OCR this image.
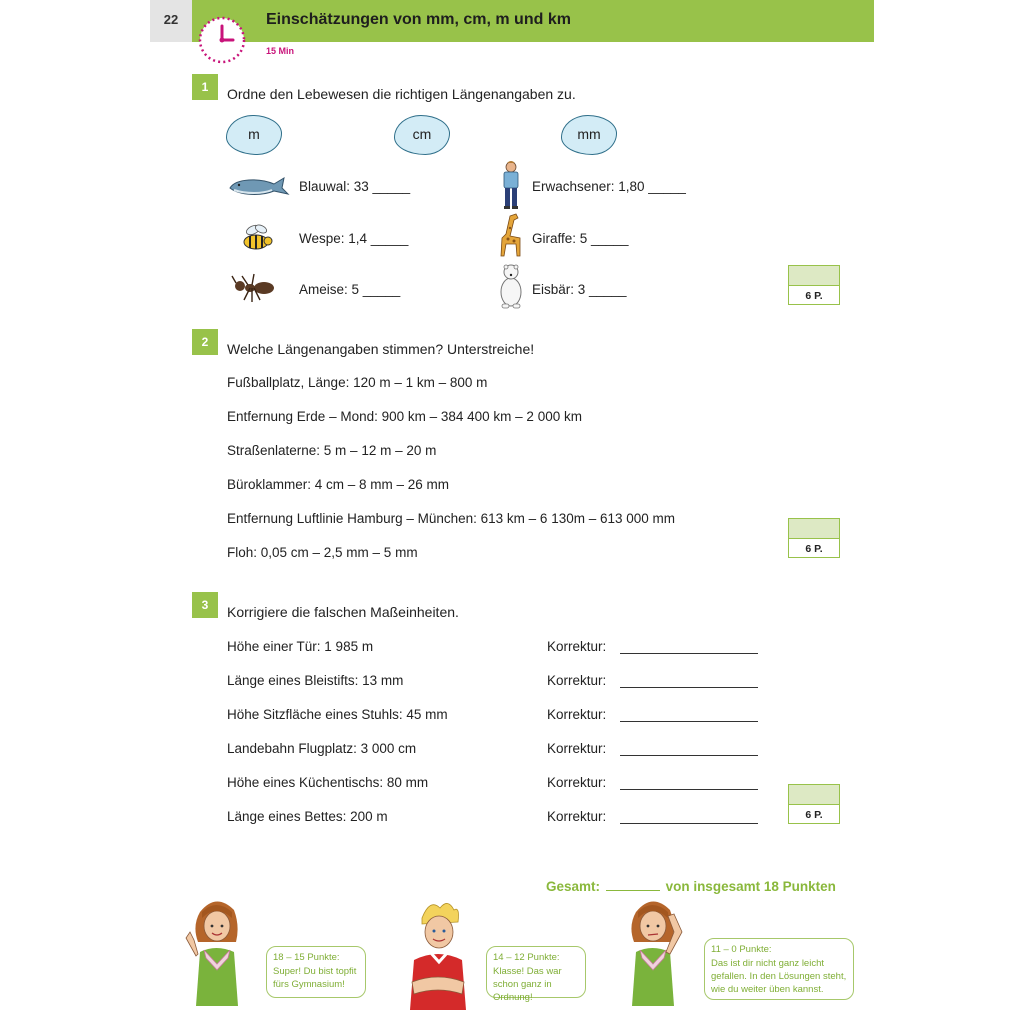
22	Einschätzungen von mm, cm, m und km
15 Min
1	Ordne den Lebewesen die richtigen Längenangaben zu.
m	cm	mm
Blauwal: 33 _____	Erwachsener: 1,80 _____
Wespe: 1,4 _____	Giraffe: 5 _____
Ameise: 5 _____	Eisbär: 3 _____	6 P.
2	Welche Längenangaben stimmen? Unterstreiche!
Fußballplatz, Länge: 120 m – 1 km – 800 m
Entfernung Erde – Mond: 900 km – 384 400 km – 2 000 km
Straßenlaterne: 5 m – 12 m – 20 m
Büroklammer: 4 cm – 8 mm – 26 mm
Entfernung Luftlinie Hamburg – München: 613 km – 6 130m – 613 000 mm
Floh: 0,05 cm – 2,5 mm – 5 mm	6 P.
3	Korrigiere die falschen Maßeinheiten.
Höhe einer Tür: 1 985 m	Korrektur:
Länge eines Bleistifts: 13 mm	Korrektur:
Höhe Sitzfläche eines Stuhls: 45 mm	Korrektur:
Landebahn Flugplatz: 3 000 cm	Korrektur:
Höhe eines Küchentischs: 80 mm	Korrektur:
Länge eines Bettes: 200 m	Korrektur:	6 P.
Gesamt:	von insgesamt 18 Punkten
18 – 15 Punkte:
Super! Du bist topfit fürs Gymnasium!
14 – 12 Punkte:
Klasse! Das war schon ganz in Ordnung!
11 – 0 Punkte:
Das ist dir nicht ganz leicht gefallen. In den Lösungen steht, wie du weiter üben kannst.
